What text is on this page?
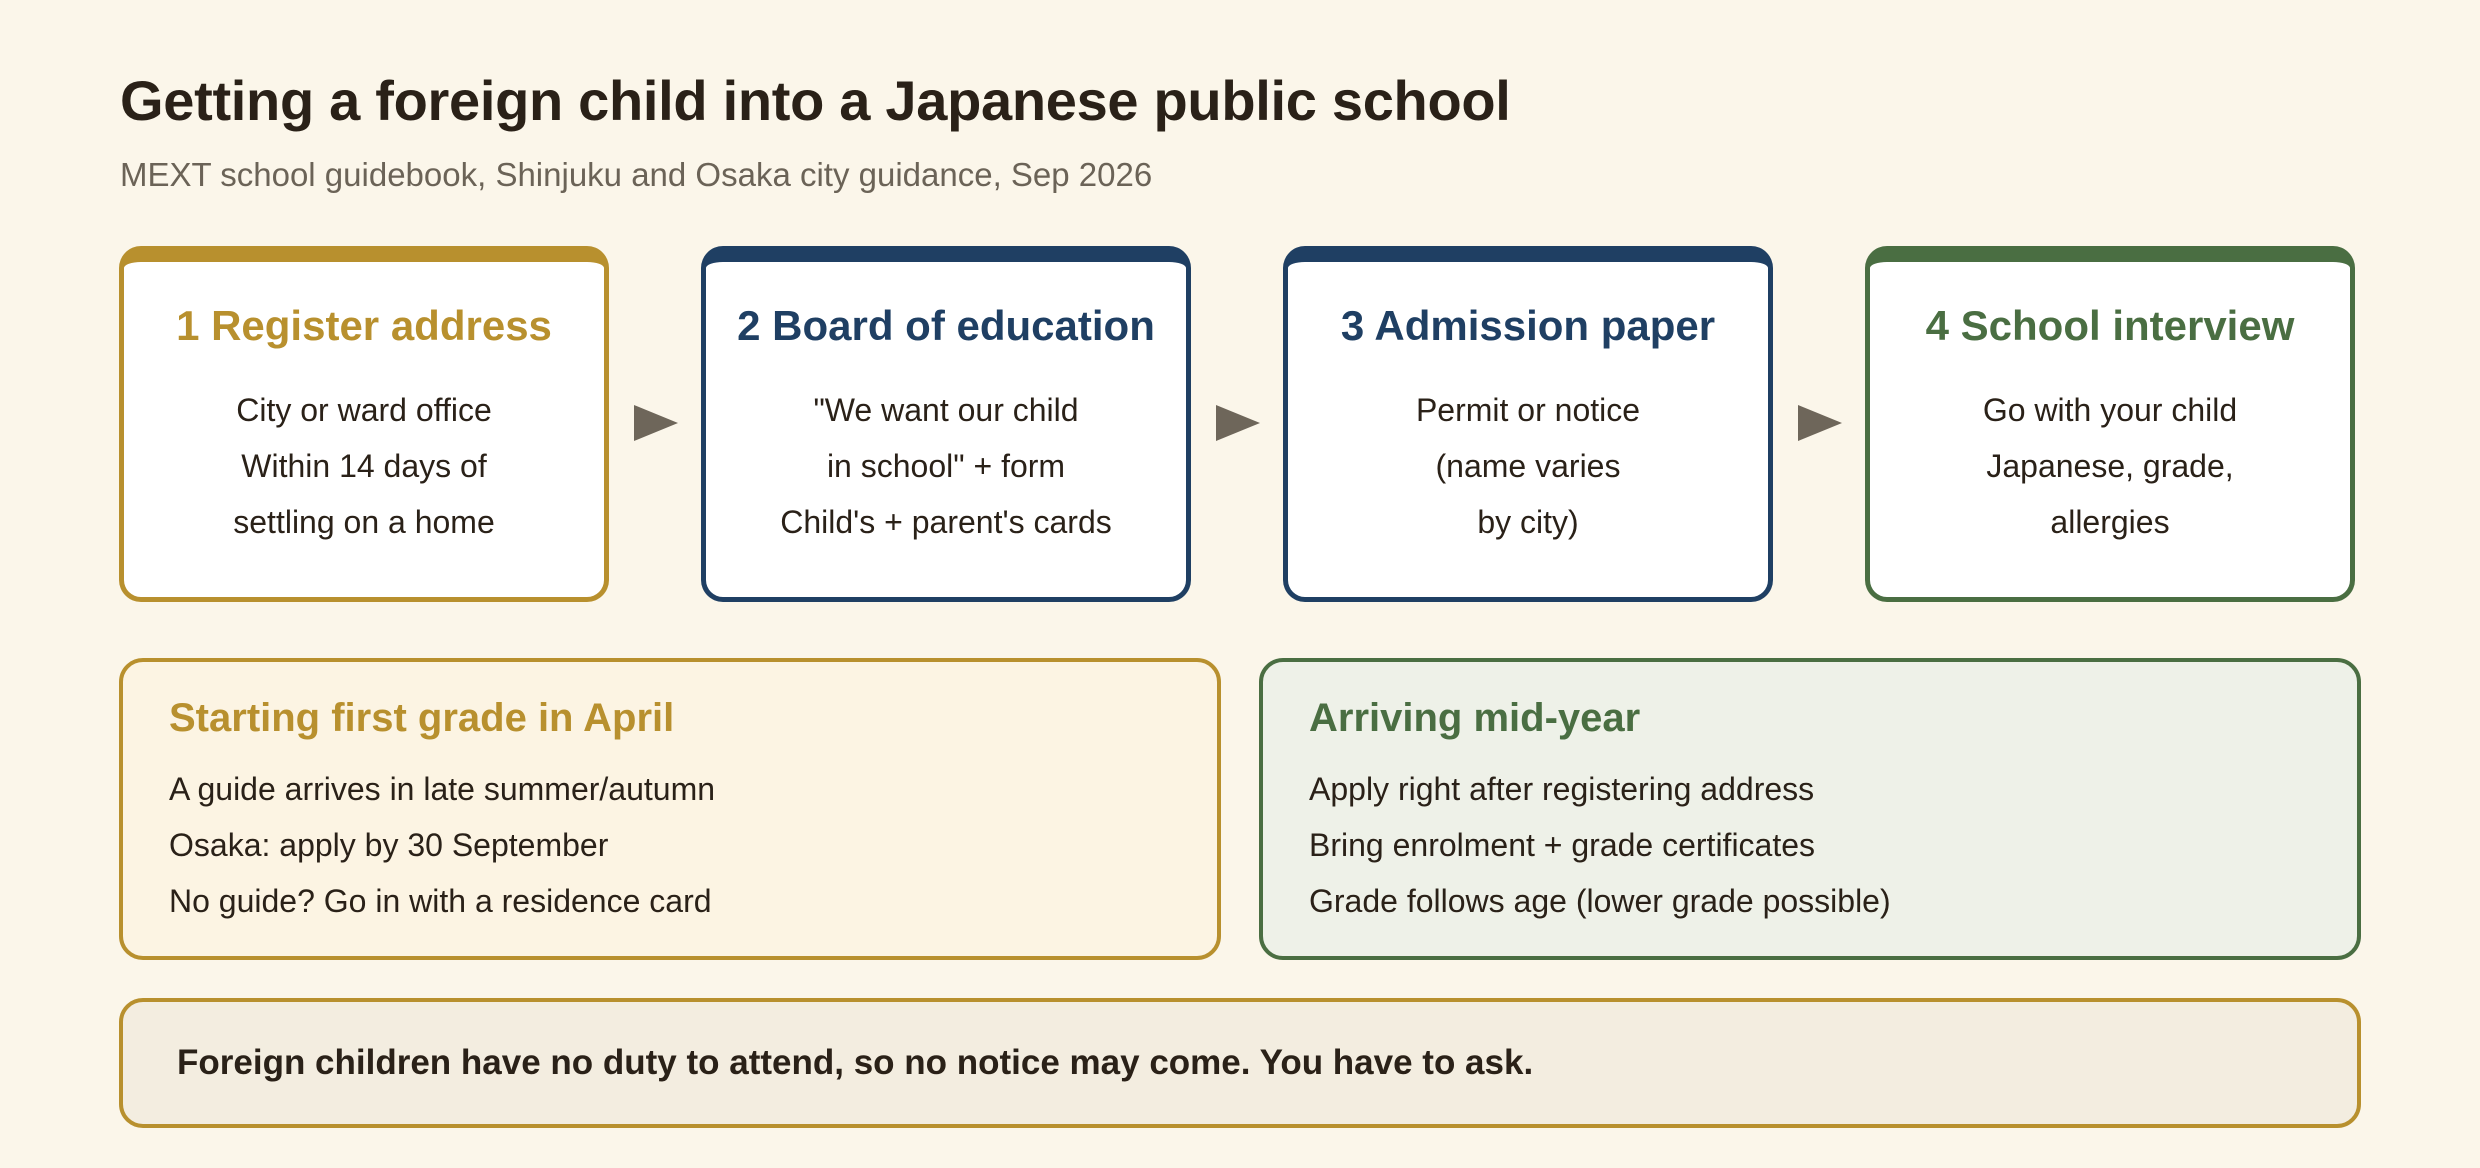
Getting a foreign child into a Japanese public school
MEXT school guidebook, Shinjuku and Osaka city guidance, Sep 2026
1 Register address
City or ward office
Within 14 days of
settling on a home
2 Board of education
"We want our child
in school" + form
Child's + parent's cards
3 Admission paper
Permit or notice
(name varies
by city)
4 School interview
Go with your child
Japanese, grade,
allergies
Starting first grade in April
A guide arrives in late summer/autumn
Osaka: apply by 30 September
No guide? Go in with a residence card
Arriving mid-year
Apply right after registering address
Bring enrolment + grade certificates
Grade follows age (lower grade possible)
Foreign children have no duty to attend, so no notice may come. You have to ask.
